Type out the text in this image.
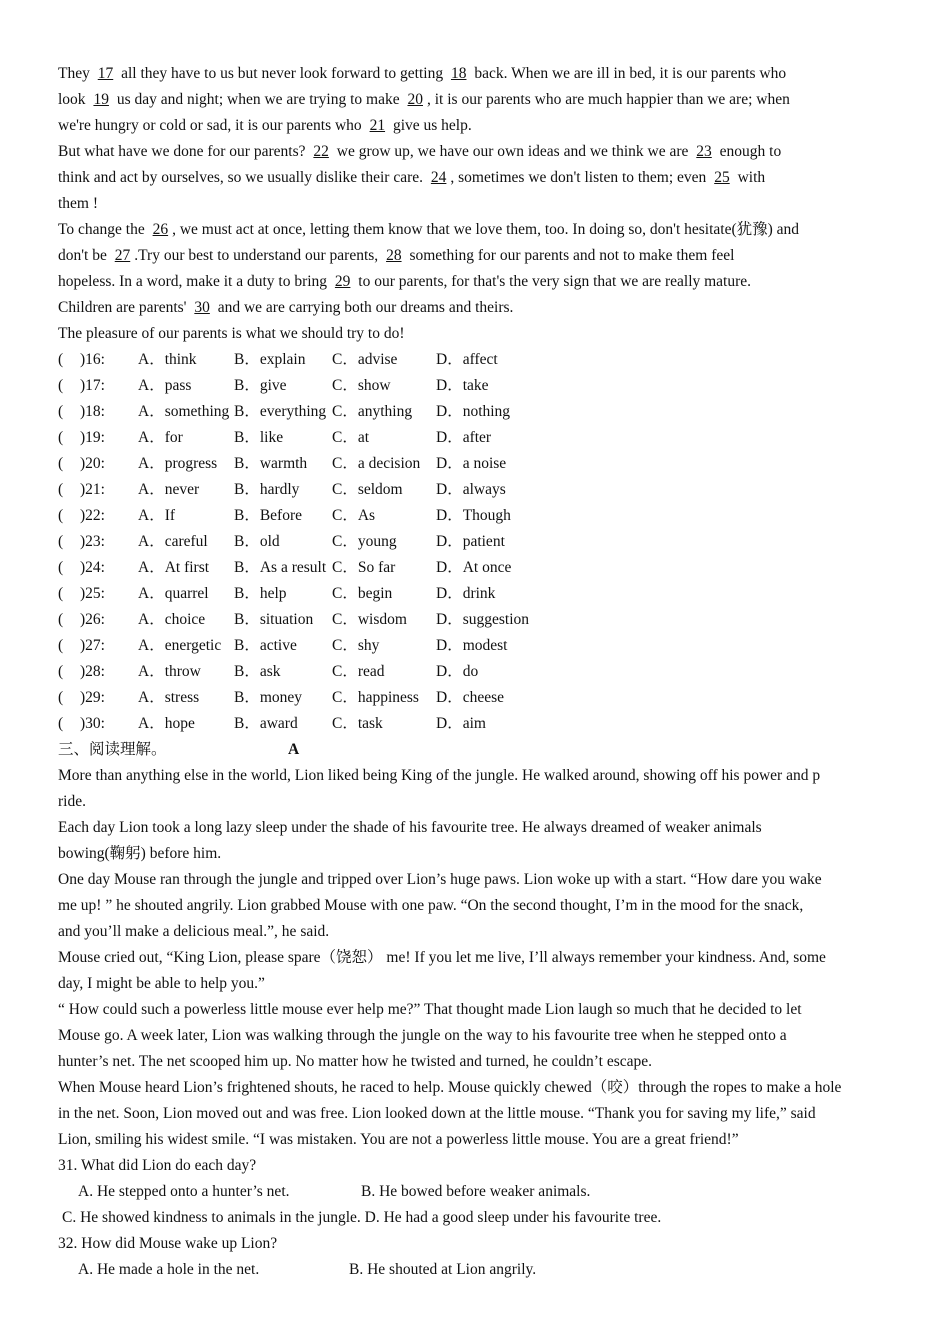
They 17 all they have to us but never look forward to getting 18 back. When we are ill in bed, it is our parents who

look 19 us day and night; when we are trying to make 20 , it is our parents who are much happier than we are; when

we're hungry or cold or sad, it is our parents who 21 give us help.

But what have we done for our parents? 22 we grow up, we have our own ideas and we think we are 23 enough to

think and act by ourselves, so we usually dislike their care. 24 , sometimes we don't listen to them; even 25 with

them !

To change the 26 , we must act at once, letting them know that we love them, too. In doing so, don't hesitate(犹豫) and

don't be 27 .Try our best to understand our parents, 28 something for our parents and not to make them feel

hopeless. In a word, make it a duty to bring 29 to our parents, for that's the very sign that we are really mature.

Children are parents' 30 and we are carrying both our dreams and theirs.

The pleasure of our parents is what we should try to do!

(	)16:	A．think	B．explain	C．advise	D．affect
(	)17:	A．pass	B．give	C．show	D．take
(	)18:	A．something B．everything C．anything	D．nothing
(	)19:	A．for	B．like	C．at	D．after
(	)20:	A．progress	B．warmth	C．a decision	D．a noise
(	)21:	A．never	B．hardly	C．seldom	D．always
(	)22:	A．If	B．Before	C．As	D．Though
(	)23:	A．careful	B．old	C．young	D．patient
(	)24:	A．At first	B．As a result C．So far	D．At once
(	)25:	A．quarrel	B．help	C．begin	D．drink
(	)26:	A．choice	B．situation	C．wisdom	D．suggestion
(	)27:	A．energetic B．active	C．shy	D．modest
(	)28:	A．throw	B．ask	C．read	D．do
(	)29:	A．stress	B．money	C．happiness	D．cheese
(	)30:	A．hope	B．award	C．task	D．aim
三、阅读理解。	A

More than anything else in the world, Lion liked being King of the jungle. He walked around, showing off his power and p

ride.

Each day Lion took a long lazy sleep under the shade of his favourite tree. He always dreamed of weaker animals

bowing(鞠躬) before him.

One day Mouse ran through the jungle and tripped over Lion’s huge paws. Lion woke up with a start. “How dare you wake

me up! ” he shouted angrily. Lion grabbed Mouse with one paw. “On the second thought, I’m in the mood for the snack,

and you’ll make a delicious meal.”, he said.

Mouse cried out, “King Lion, please spare（饶恕） me! If you let me live, I’ll always remember your kindness. And, some

day, I might be able to help you.”

“ How could such a powerless little mouse ever help me?” That thought made Lion laugh so much that he decided to let

Mouse go. A week later, Lion was walking through the jungle on the way to his favourite tree when he stepped onto a

hunter’s net. The net scooped him up. No matter how he twisted and turned, he couldn’t escape.

When Mouse heard Lion’s frightened shouts, he raced to help. Mouse quickly chewed（咬）through the ropes to make a hole

in the net. Soon, Lion moved out and was free. Lion looked down at the little mouse. “Thank you for saving my life,” said

Lion, smiling his widest smile. “I was mistaken. You are not a powerless little mouse. You are a great friend!”

31. What did Lion do each day?

A. He stepped onto a hunter’s net.	B. He bowed before weaker animals.
C. He showed kindness to animals in the jungle.
D. He had a good sleep under his favourite tree.

32. How did Mouse wake up Lion?

A. He made a hole in the net.	B. He shouted at Lion angrily.
